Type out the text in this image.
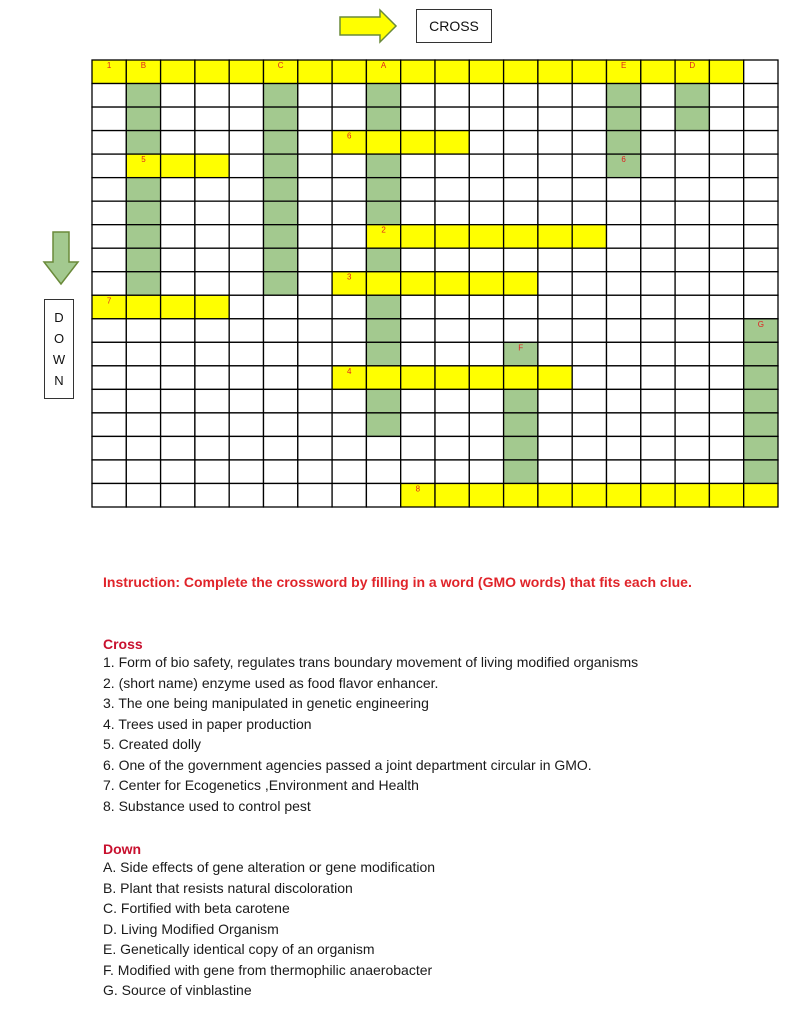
CROSS
D
O
W
N
1
6
5
2
3
7
4
8
A
B	C	D
E
F
G
6
Instruction: Complete the crossword by filling in a word (GMO words) that fits each clue.
Cross
1. Form of bio safety, regulates trans boundary movement of living modified organisms
2. (short name) enzyme used as food flavor enhancer.
3. The one being manipulated in genetic engineering
4. Trees used in paper production
5. Created dolly
6. One of the government agencies passed a joint department circular in GMO.
7. Center for Ecogenetics ,Environment and Health
8. Substance used to control pest
Down
A. Side effects of gene alteration or gene modification
B. Plant that resists natural discoloration
C. Fortified with beta carotene
D. Living Modified Organism
E. Genetically identical copy of an organism
F. Modified with gene from thermophilic anaerobacter
G. Source of vinblastine
